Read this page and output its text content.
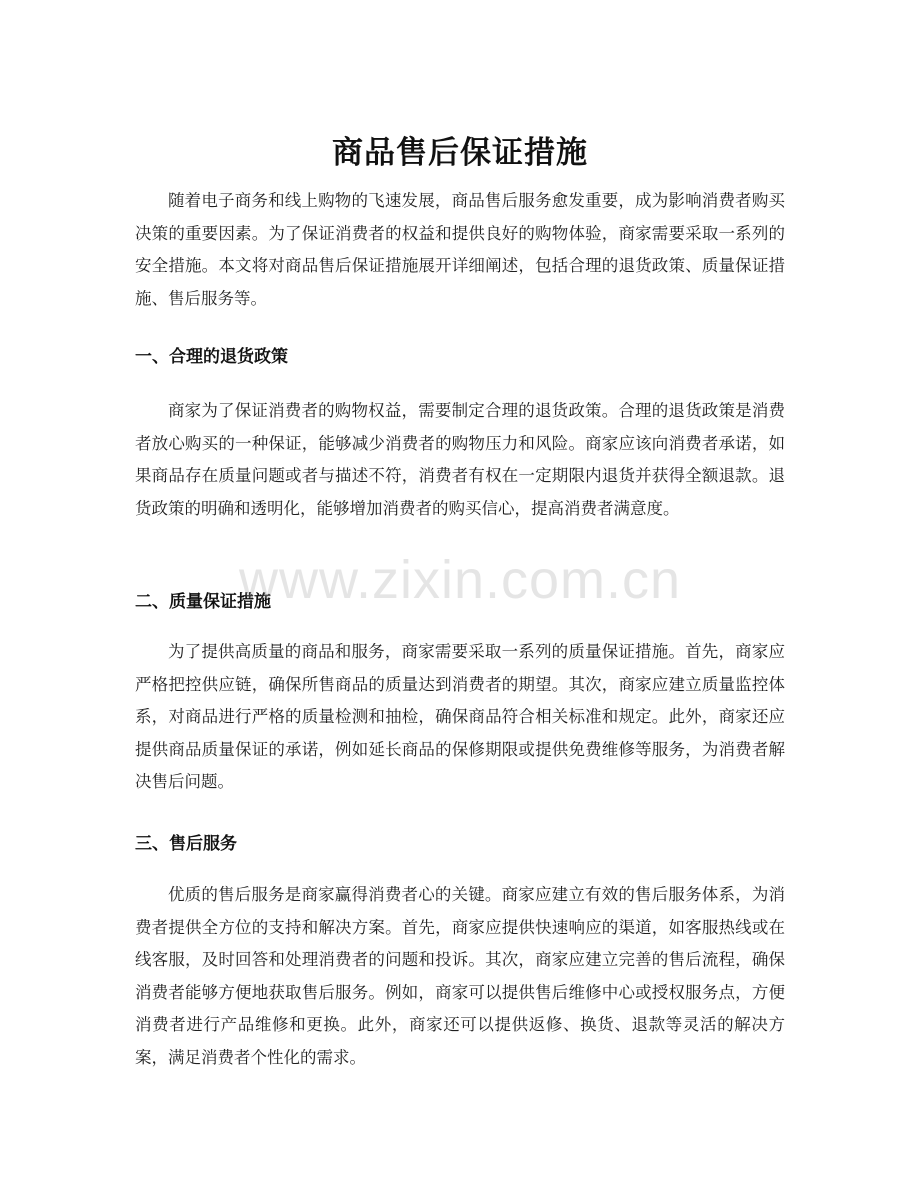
商品售后保证措施

随着电子商务和线上购物的飞速发展，商品售后服务愈发重要，成为影响消费者购买决策的重要因素。为了保证消费者的权益和提供良好的购物体验，商家需要采取一系列的安全措施。本文将对商品售后保证措施展开详细阐述，包括合理的退货政策、质量保证措施、售后服务等。

一、合理的退货政策

商家为了保证消费者的购物权益，需要制定合理的退货政策。合理的退货政策是消费者放心购买的一种保证，能够减少消费者的购物压力和风险。商家应该向消费者承诺，如果商品存在质量问题或者与描述不符，消费者有权在一定期限内退货并获得全额退款。退货政策的明确和透明化，能够增加消费者的购买信心，提高消费者满意度。

二、质量保证措施

为了提供高质量的商品和服务，商家需要采取一系列的质量保证措施。首先，商家应严格把控供应链，确保所售商品的质量达到消费者的期望。其次，商家应建立质量监控体系，对商品进行严格的质量检测和抽检，确保商品符合相关标准和规定。此外，商家还应提供商品质量保证的承诺，例如延长商品的保修期限或提供免费维修等服务，为消费者解决售后问题。

三、售后服务

优质的售后服务是商家赢得消费者心的关键。商家应建立有效的售后服务体系，为消费者提供全方位的支持和解决方案。首先，商家应提供快速响应的渠道，如客服热线或在线客服，及时回答和处理消费者的问题和投诉。其次，商家应建立完善的售后流程，确保消费者能够方便地获取售后服务。例如，商家可以提供售后维修中心或授权服务点，方便消费者进行产品维修和更换。此外，商家还可以提供返修、换货、退款等灵活的解决方案，满足消费者个性化的需求。

www.zixin.com.cn
